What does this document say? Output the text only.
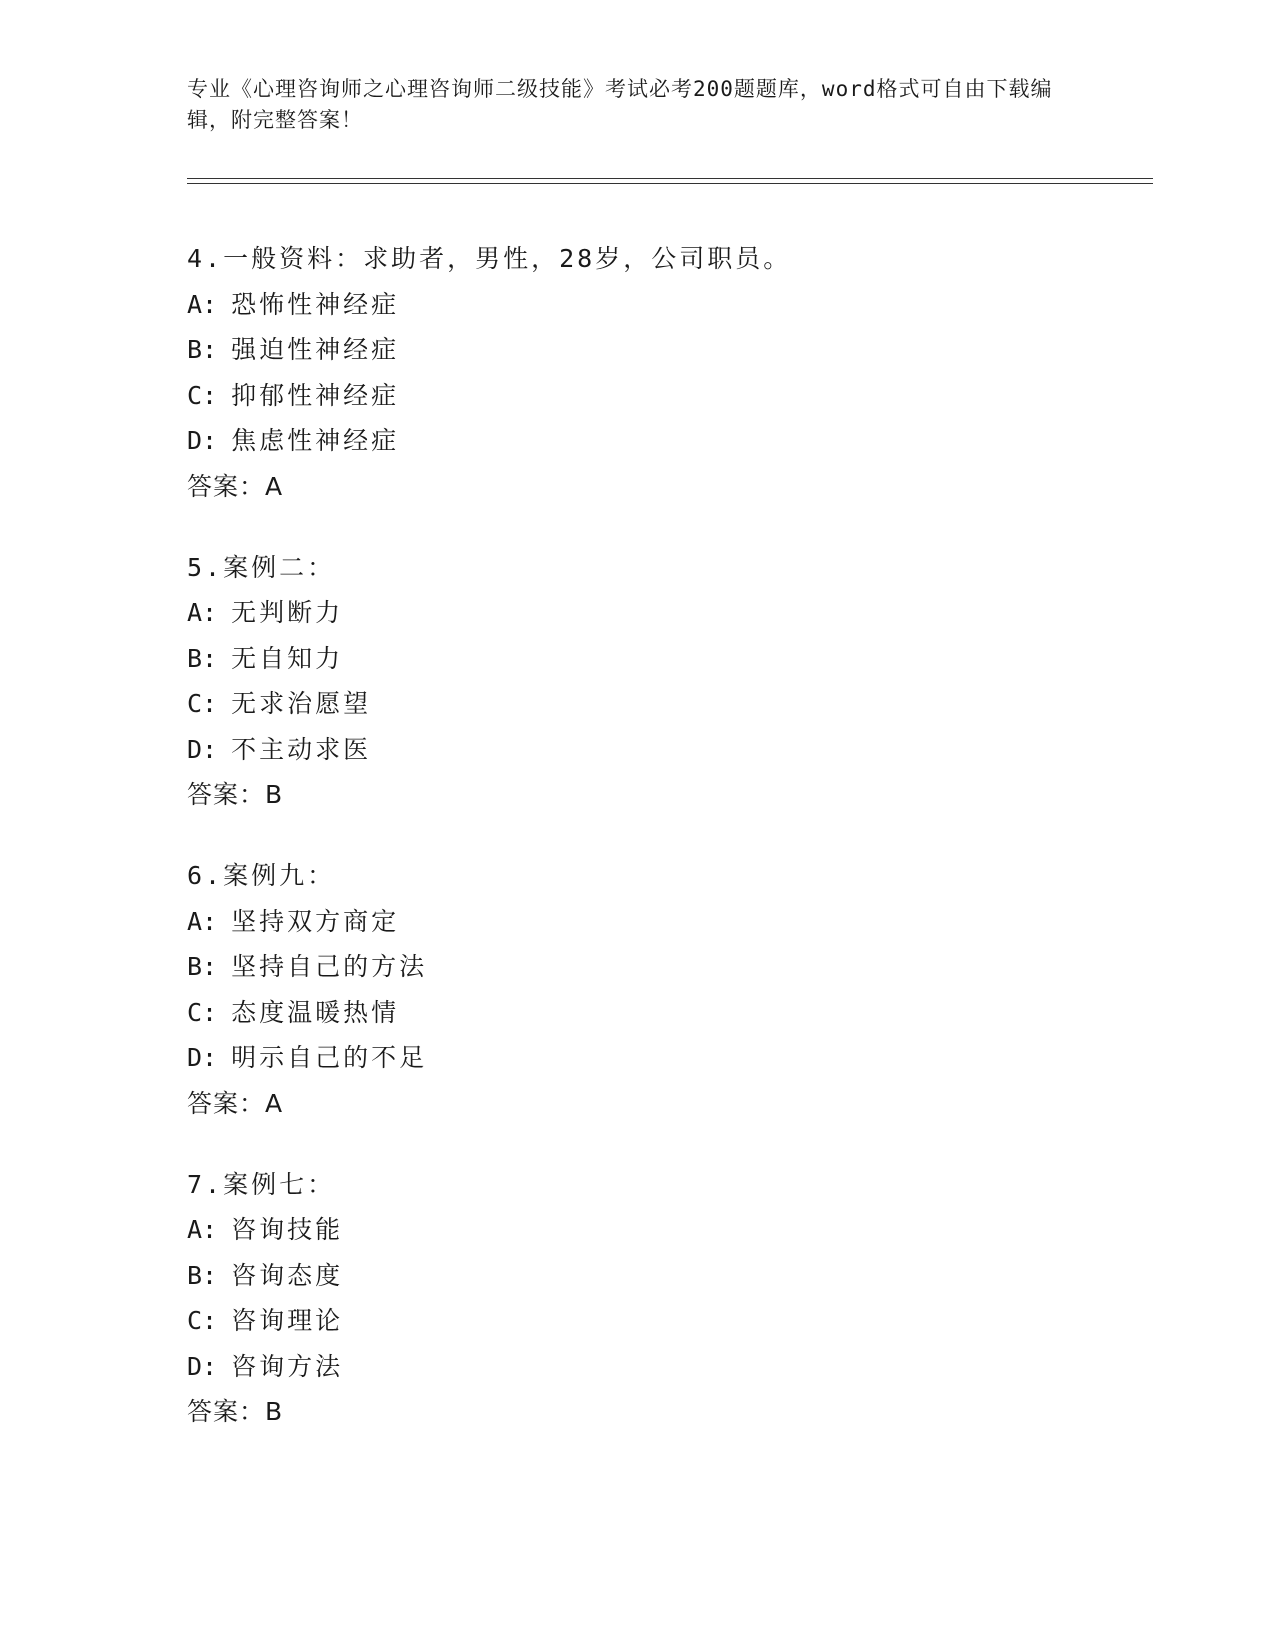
专业《心理咨询师之心理咨询师二级技能》考试必考200题题库，word格式可自由下载编辑，附完整答案！
4.一般资料：求助者，男性，28岁，公司职员。
A: 恐怖性神经症
B: 强迫性神经症
C: 抑郁性神经症
D: 焦虑性神经症
答案：A
5.案例二：
A: 无判断力
B: 无自知力
C: 无求治愿望
D: 不主动求医
答案：B
6.案例九：
A: 坚持双方商定
B: 坚持自己的方法
C: 态度温暖热情
D: 明示自己的不足
答案：A
7.案例七：
A: 咨询技能
B: 咨询态度
C: 咨询理论
D: 咨询方法
答案：B
